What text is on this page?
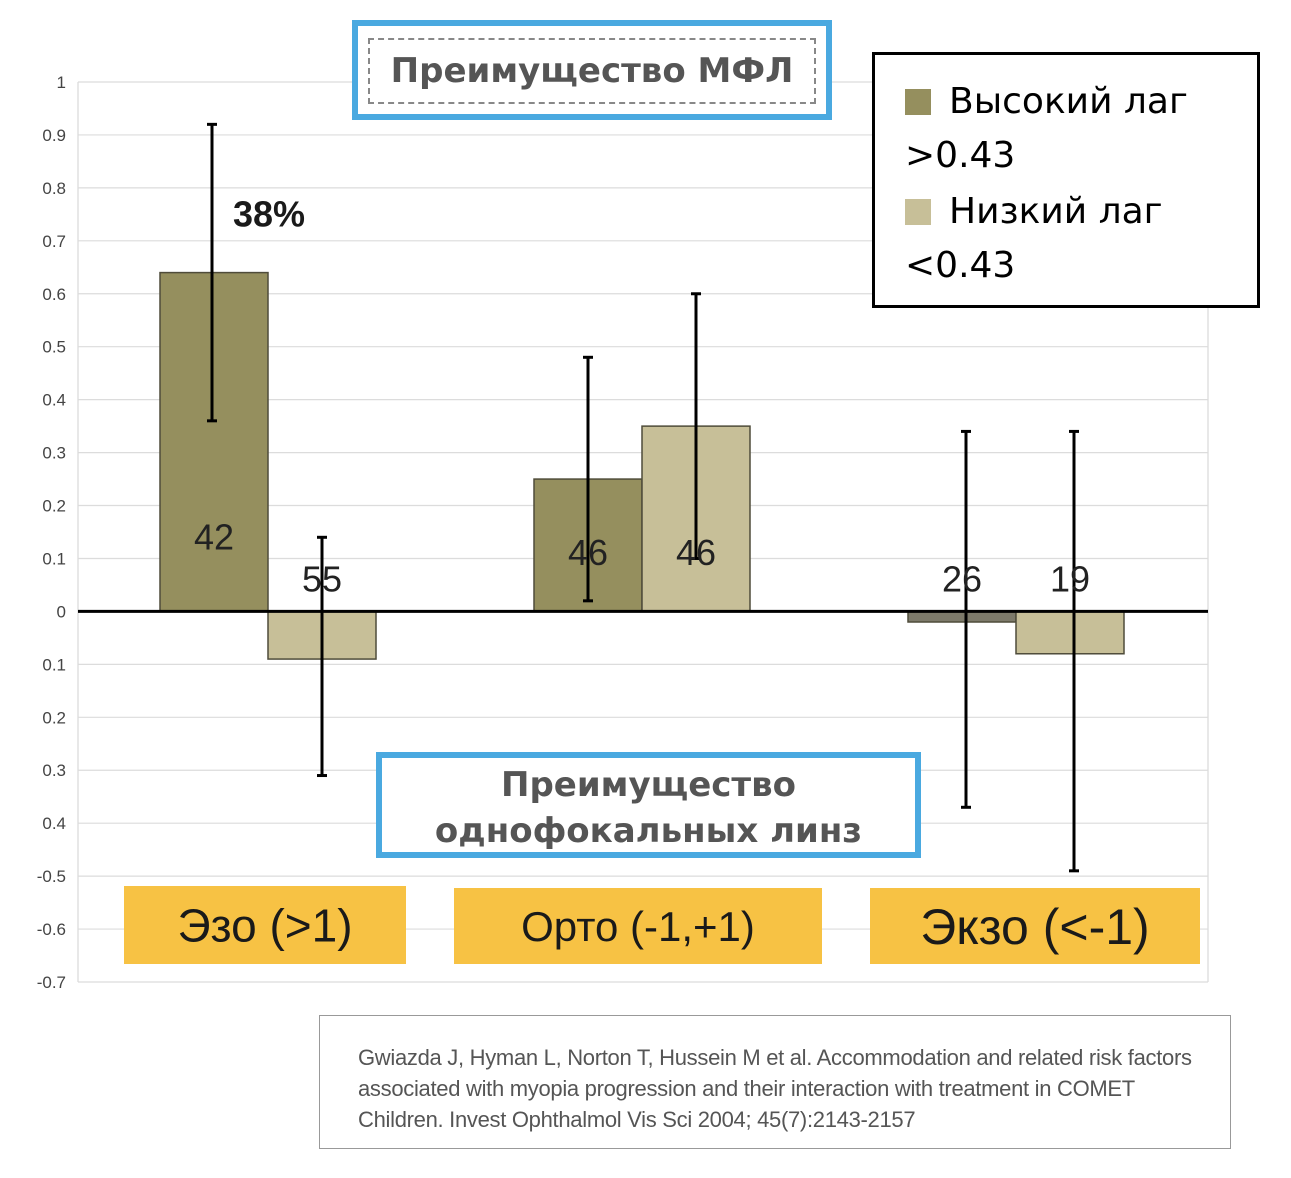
1
0.9
0.8
0.7
0.6
0.5
0.4
0.3
0.2
0.1
0
0.1
0.2
0.3
0.4
-0.5
-0.6
-0.7
Эзо (>1)	Орто (-1,+1)	Экзо (<-1)
42	46
26
55
46
19
38%
Преимущество МФЛ
Высокий лаг
>0.43
Низкий лаг
<0.43
Преимущество
однофокальных линз
Gwiazda J, Hyman L, Norton T, Hussein M et al. Accommodation and related risk factors
associated with myopia progression and their interaction with treatment in COMET
Children. Invest Ophthalmol Vis Sci 2004; 45(7):2143-2157
